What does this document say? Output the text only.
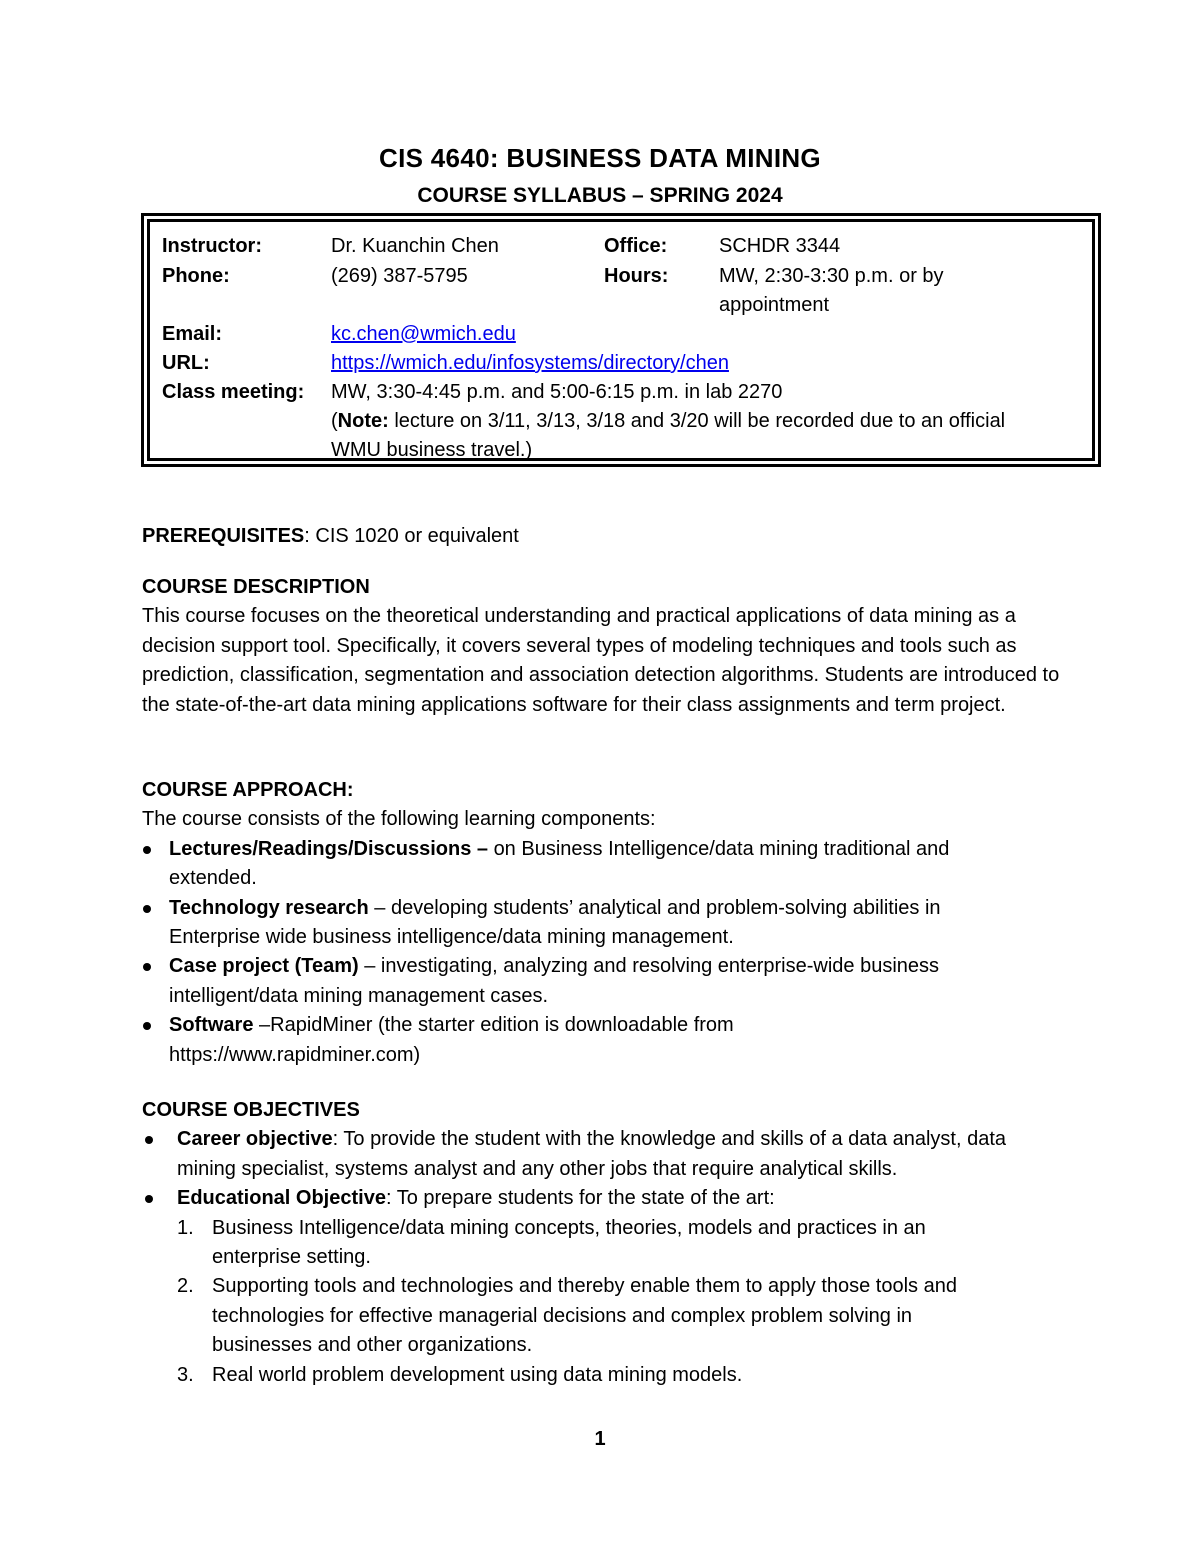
CIS 4640: BUSINESS DATA MINING
COURSE SYLLABUS – SPRING 2024
Instructor:	Dr. Kuanchin Chen	Office:	SCHDR 3344
Phone:	(269) 387-5795	Hours:	MW, 2:30-3:30 p.m. or by
appointment
Email:	kc.chen@wmich.edu
URL:	https://wmich.edu/infosystems/directory/chen
Class meeting: MW, 3:30-4:45 p.m. and 5:00-6:15 p.m. in lab 2270
(Note: lecture on 3/11, 3/13, 3/18 and 3/20 will be recorded due to an official
WMU business travel.)
PREREQUISITES: CIS 1020 or equivalent
COURSE DESCRIPTION
This course focuses on the theoretical understanding and practical applications of data mining as a decision support tool. Specifically, it covers several types of modeling techniques and tools such as prediction, classification, segmentation and association detection algorithms. Students are introduced to the state-of-the-art data mining applications software for their class assignments and term project.
COURSE APPROACH:
The course consists of the following learning components:
Lectures/Readings/Discussions – on Business Intelligence/data mining traditional and extended.
Technology research – developing students’ analytical and problem-solving abilities in Enterprise wide business intelligence/data mining management.
Case project (Team) – investigating, analyzing and resolving enterprise-wide business intelligent/data mining management cases.
Software –RapidMiner (the starter edition is downloadable from https://www.rapidminer.com)
COURSE OBJECTIVES
Career objective: To provide the student with the knowledge and skills of a data analyst, data mining specialist, systems analyst and any other jobs that require analytical skills.
Educational Objective: To prepare students for the state of the art:
1. Business Intelligence/data mining concepts, theories, models and practices in an enterprise setting.
2. Supporting tools and technologies and thereby enable them to apply those tools and technologies for effective managerial decisions and complex problem solving in businesses and other organizations.
3. Real world problem development using data mining models.
1
